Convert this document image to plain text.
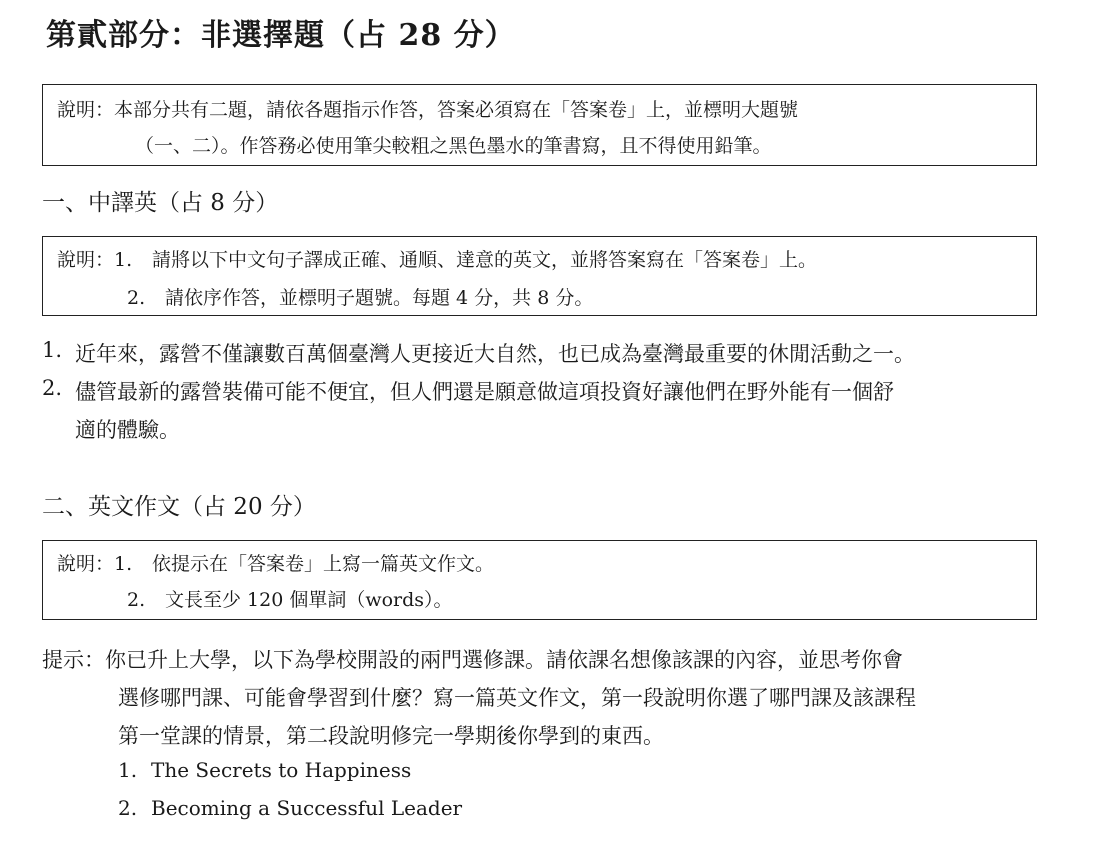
第貳部分：非選擇題（占 28 分）
說明：本部分共有二題，請依各題指示作答，答案必須寫在「答案卷」上，並標明大題號
（一、二）。作答務必使用筆尖較粗之黑色墨水的筆書寫，且不得使用鉛筆。
一、中譯英（占 8 分）
說明：1. 請將以下中文句子譯成正確、通順、達意的英文，並將答案寫在「答案卷」上。
2. 請依序作答，並標明子題號。每題 4 分，共 8 分。
1. 近年來，露營不僅讓數百萬個臺灣人更接近大自然，也已成為臺灣最重要的休閒活動之一。
2. 儘管最新的露營裝備可能不便宜，但人們還是願意做這項投資好讓他們在野外能有一個舒
適的體驗。
二、英文作文（占 20 分）
說明：1. 依提示在「答案卷」上寫一篇英文作文。
2. 文長至少 120 個單詞（words）。
提示：你已升上大學，以下為學校開設的兩門選修課。請依課名想像該課的內容，並思考你會
選修哪門課、可能會學習到什麼？寫一篇英文作文，第一段說明你選了哪門課及該課程
第一堂課的情景，第二段說明修完一學期後你學到的東西。
1. The Secrets to Happiness
2. Becoming a Successful Leader
